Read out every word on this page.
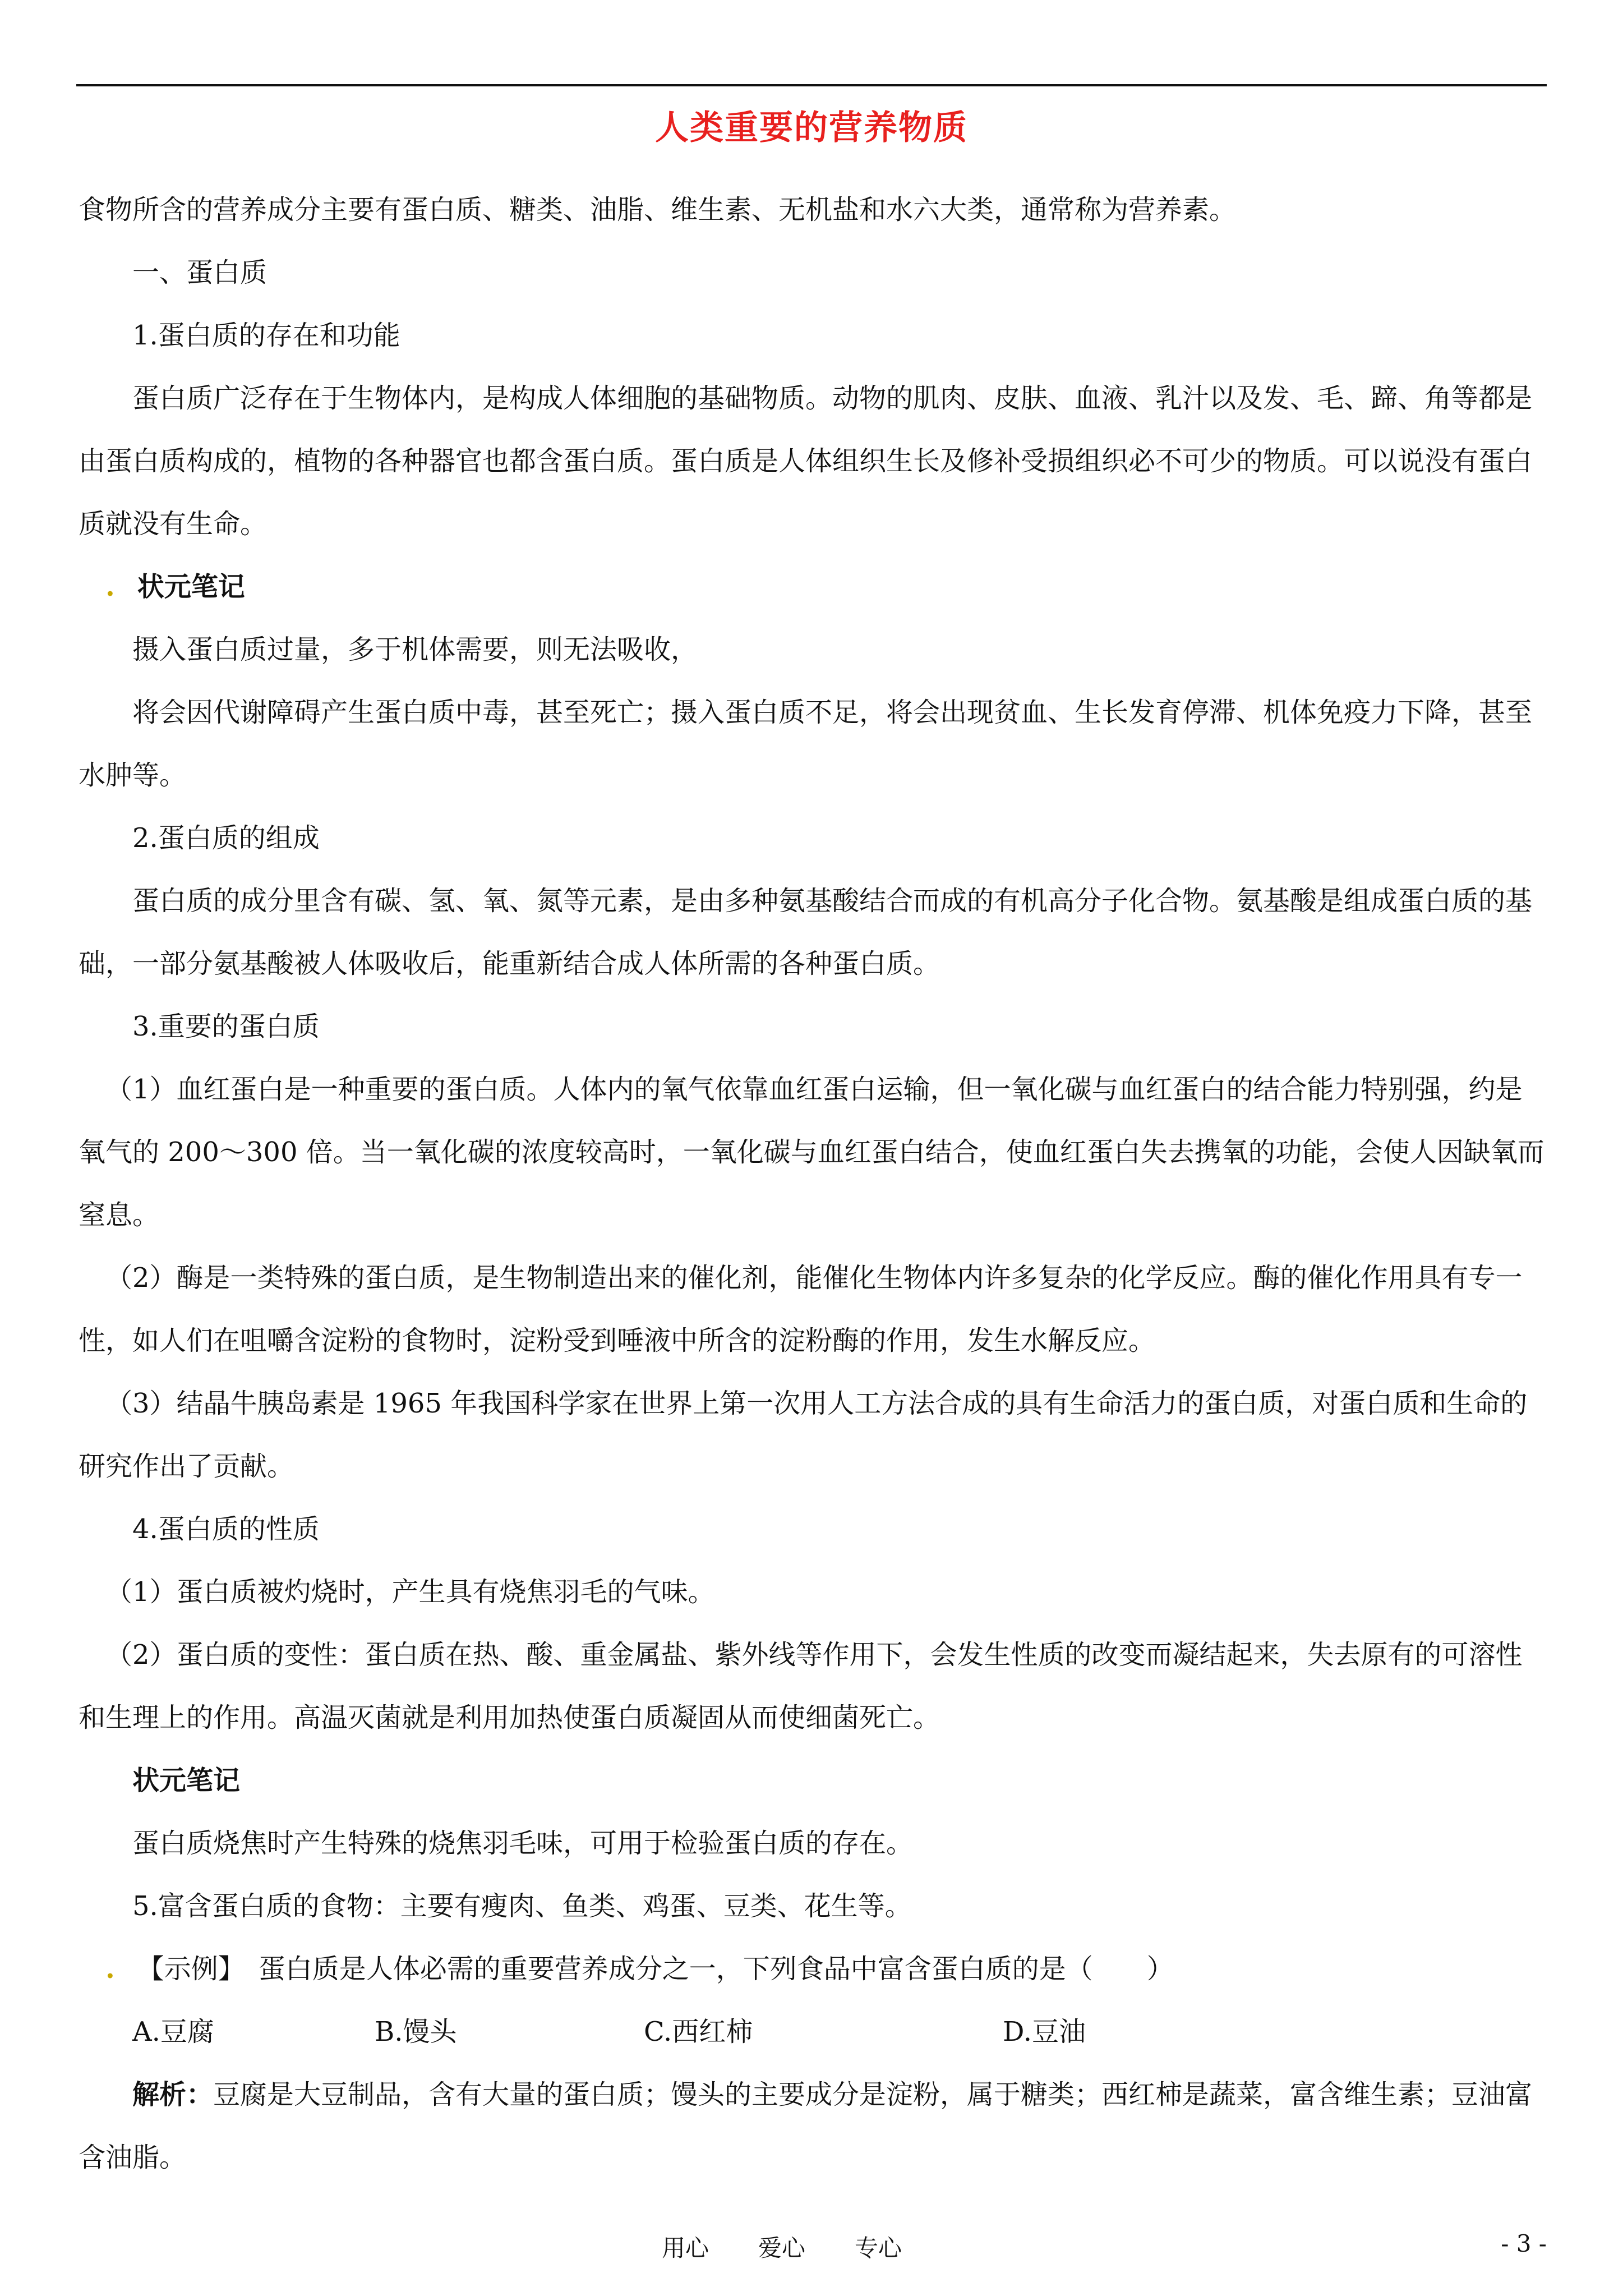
人类重要的营养物质

食物所含的营养成分主要有蛋白质、糖类、油脂、维生素、无机盐和水六大类，通常称为营养素。

一、蛋白质

1.蛋白质的存在和功能

蛋白质广泛存在于生物体内，是构成人体细胞的基础物质。动物的肌肉、皮肤、血液、乳汁以及发、毛、蹄、角等都是由蛋白质构成的，植物的各种器官也都含蛋白质。蛋白质是人体组织生长及修补受损组织必不可少的物质。可以说没有蛋白质就没有生命。

. 状元笔记

摄入蛋白质过量，多于机体需要，则无法吸收，

将会因代谢障碍产生蛋白质中毒，甚至死亡；摄入蛋白质不足，将会出现贫血、生长发育停滞、机体免疫力下降，甚至水肿等。

2.蛋白质的组成

蛋白质的成分里含有碳、氢、氧、氮等元素，是由多种氨基酸结合而成的有机高分子化合物。氨基酸是组成蛋白质的基础，一部分氨基酸被人体吸收后，能重新结合成人体所需的各种蛋白质。

3.重要的蛋白质

（1）血红蛋白是一种重要的蛋白质。人体内的氧气依靠血红蛋白运输，但一氧化碳与血红蛋白的结合能力特别强，约是氧气的 200～300 倍。当一氧化碳的浓度较高时，一氧化碳与血红蛋白结合，使血红蛋白失去携氧的功能，会使人因缺氧而窒息。

（2）酶是一类特殊的蛋白质，是生物制造出来的催化剂，能催化生物体内许多复杂的化学反应。酶的催化作用具有专一性，如人们在咀嚼含淀粉的食物时，淀粉受到唾液中所含的淀粉酶的作用，发生水解反应。

（3）结晶牛胰岛素是 1965 年我国科学家在世界上第一次用人工方法合成的具有生命活力的蛋白质，对蛋白质和生命的研究作出了贡献。

4.蛋白质的性质

（1）蛋白质被灼烧时，产生具有烧焦羽毛的气味。

（2）蛋白质的变性：蛋白质在热、酸、重金属盐、紫外线等作用下，会发生性质的改变而凝结起来，失去原有的可溶性和生理上的作用。高温灭菌就是利用加热使蛋白质凝固从而使细菌死亡。

状元笔记

蛋白质烧焦时产生特殊的烧焦羽毛味，可用于检验蛋白质的存在。

5.富含蛋白质的食物：主要有瘦肉、鱼类、鸡蛋、豆类、花生等。

. 【示例】 蛋白质是人体必需的重要营养成分之一，下列食品中富含蛋白质的是（　　）

A.豆腐	B.馒头	C.西红柿	D.豆油

解析：豆腐是大豆制品，含有大量的蛋白质；馒头的主要成分是淀粉，属于糖类；西红柿是蔬菜，富含维生素；豆油富含油脂。

用心 爱心 专心	- 3 -
